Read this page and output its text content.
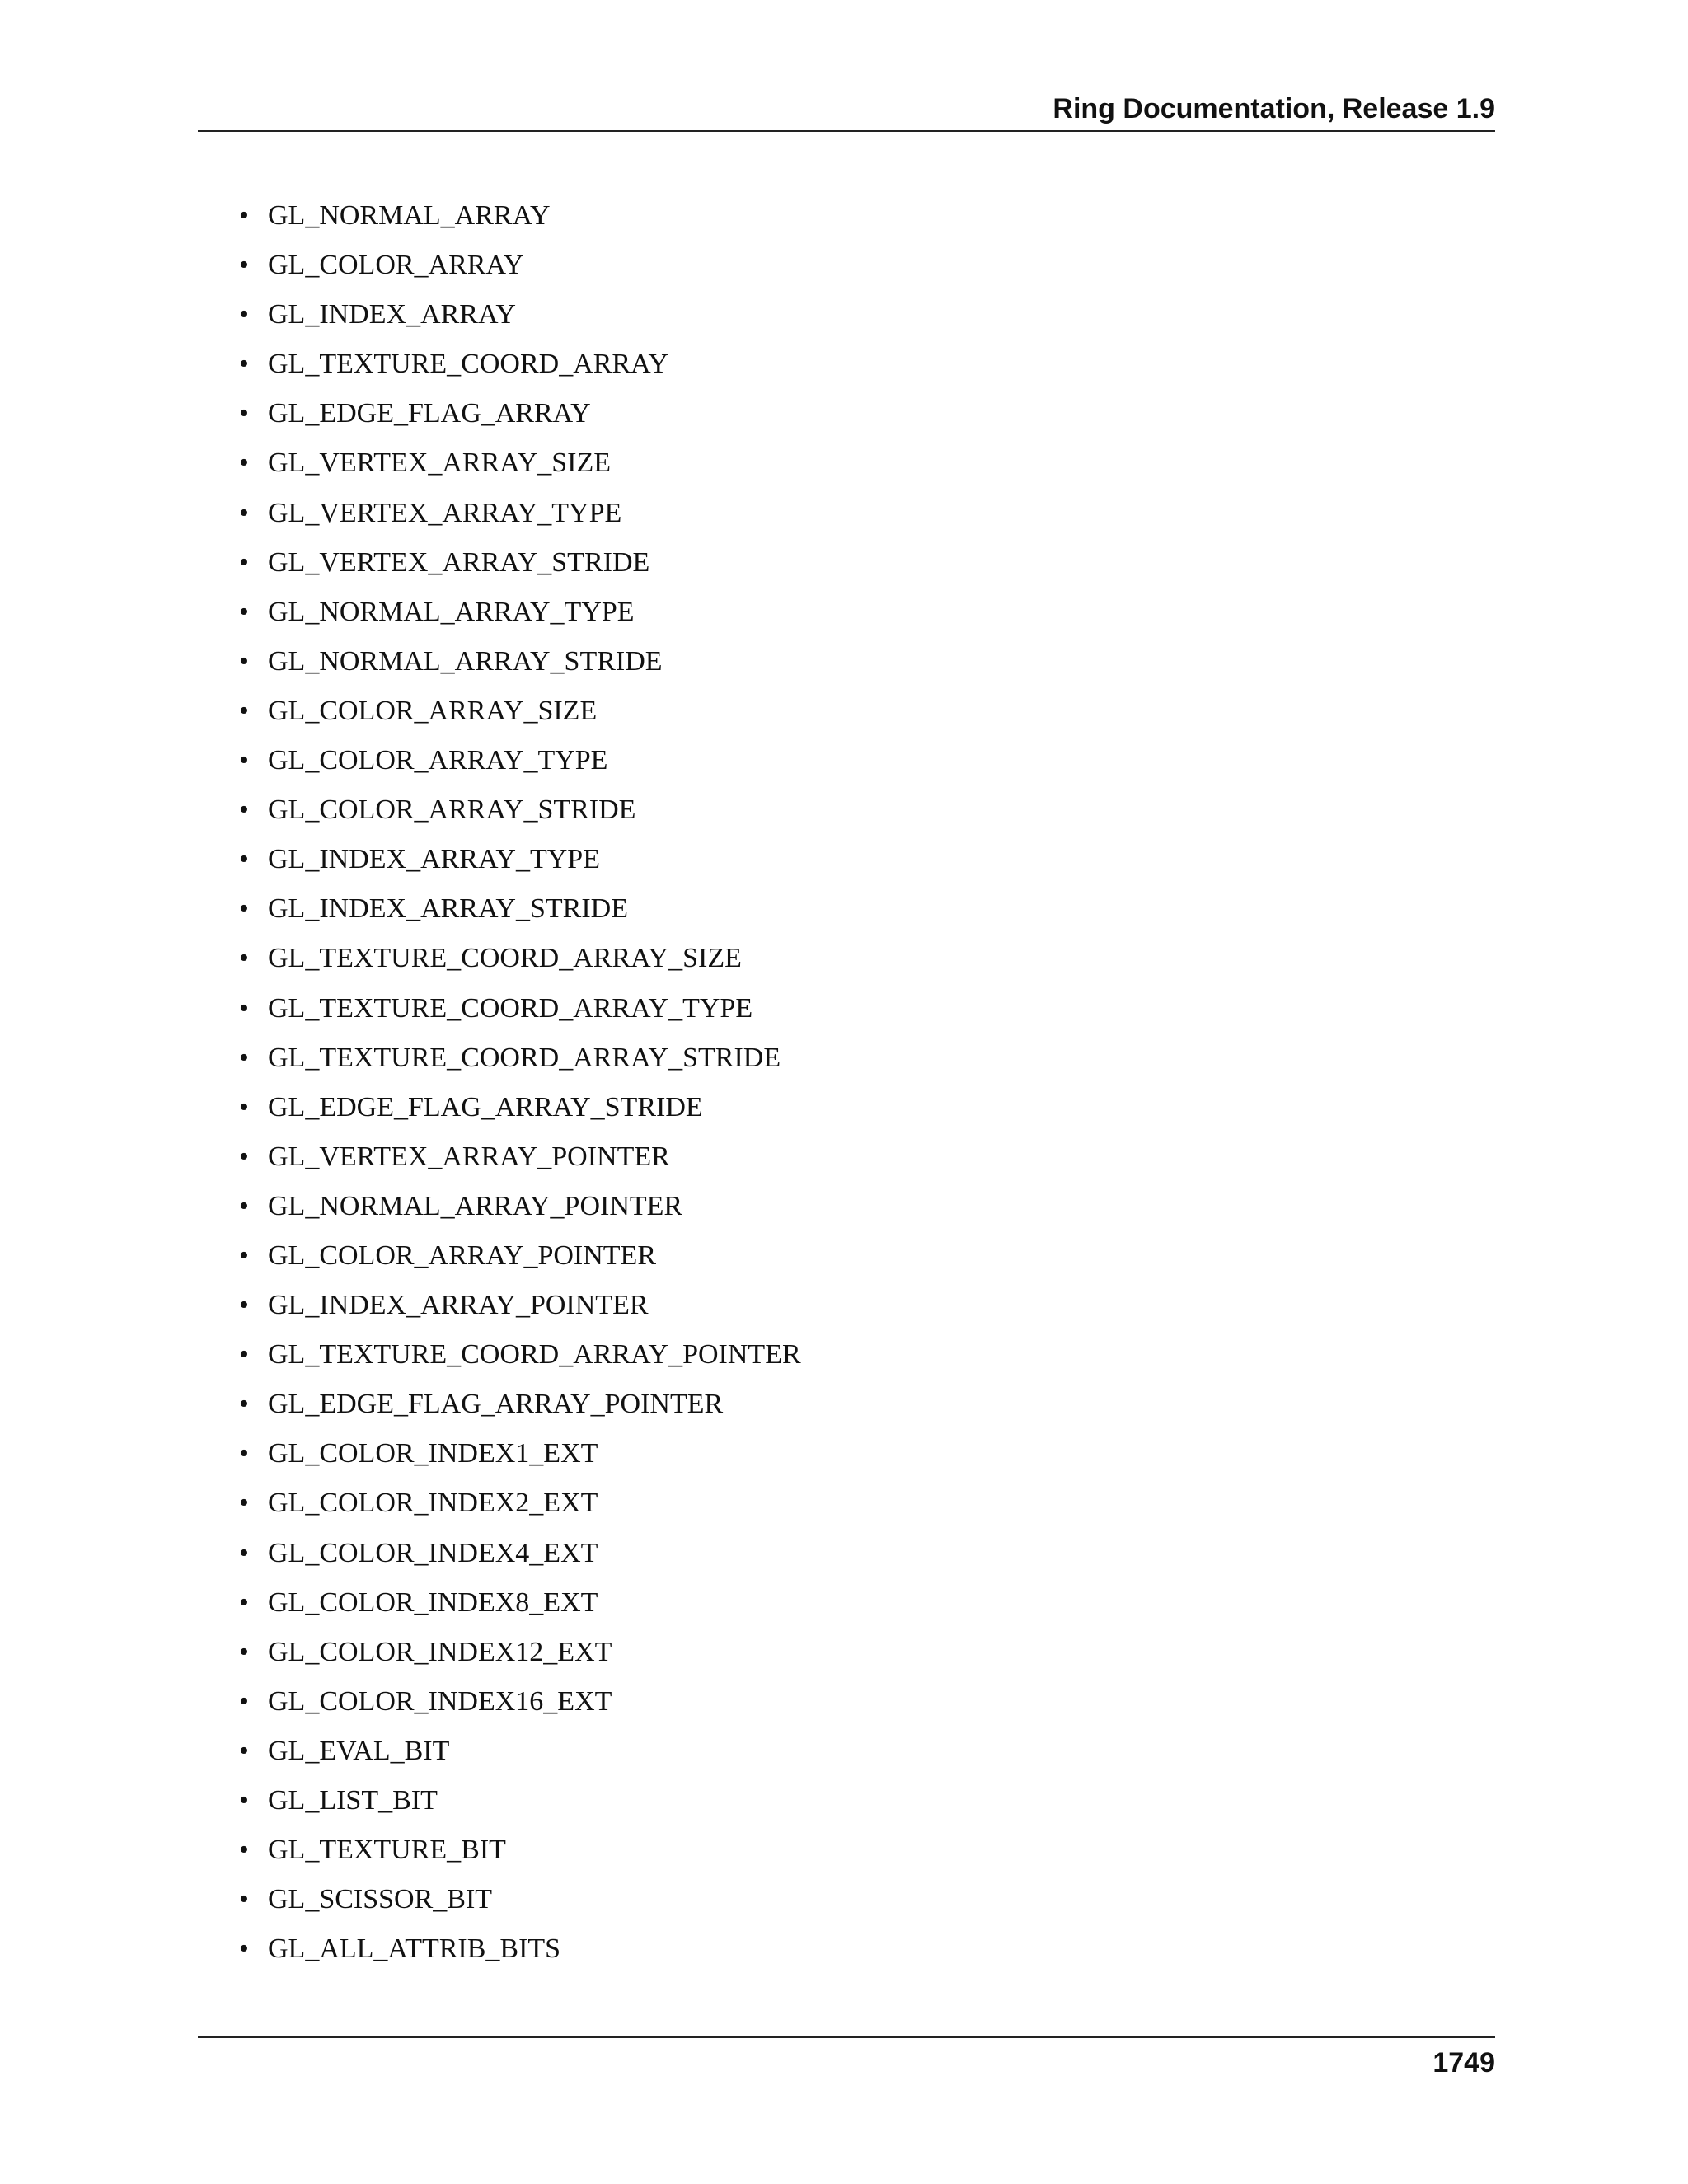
Ring Documentation, Release 1.9
• GL_NORMAL_ARRAY
• GL_COLOR_ARRAY
• GL_INDEX_ARRAY
• GL_TEXTURE_COORD_ARRAY
• GL_EDGE_FLAG_ARRAY
• GL_VERTEX_ARRAY_SIZE
• GL_VERTEX_ARRAY_TYPE
• GL_VERTEX_ARRAY_STRIDE
• GL_NORMAL_ARRAY_TYPE
• GL_NORMAL_ARRAY_STRIDE
• GL_COLOR_ARRAY_SIZE
• GL_COLOR_ARRAY_TYPE
• GL_COLOR_ARRAY_STRIDE
• GL_INDEX_ARRAY_TYPE
• GL_INDEX_ARRAY_STRIDE
• GL_TEXTURE_COORD_ARRAY_SIZE
• GL_TEXTURE_COORD_ARRAY_TYPE
• GL_TEXTURE_COORD_ARRAY_STRIDE
• GL_EDGE_FLAG_ARRAY_STRIDE
• GL_VERTEX_ARRAY_POINTER
• GL_NORMAL_ARRAY_POINTER
• GL_COLOR_ARRAY_POINTER
• GL_INDEX_ARRAY_POINTER
• GL_TEXTURE_COORD_ARRAY_POINTER
• GL_EDGE_FLAG_ARRAY_POINTER
• GL_COLOR_INDEX1_EXT
• GL_COLOR_INDEX2_EXT
• GL_COLOR_INDEX4_EXT
• GL_COLOR_INDEX8_EXT
• GL_COLOR_INDEX12_EXT
• GL_COLOR_INDEX16_EXT
• GL_EVAL_BIT
• GL_LIST_BIT
• GL_TEXTURE_BIT
• GL_SCISSOR_BIT
• GL_ALL_ATTRIB_BITS
1749
